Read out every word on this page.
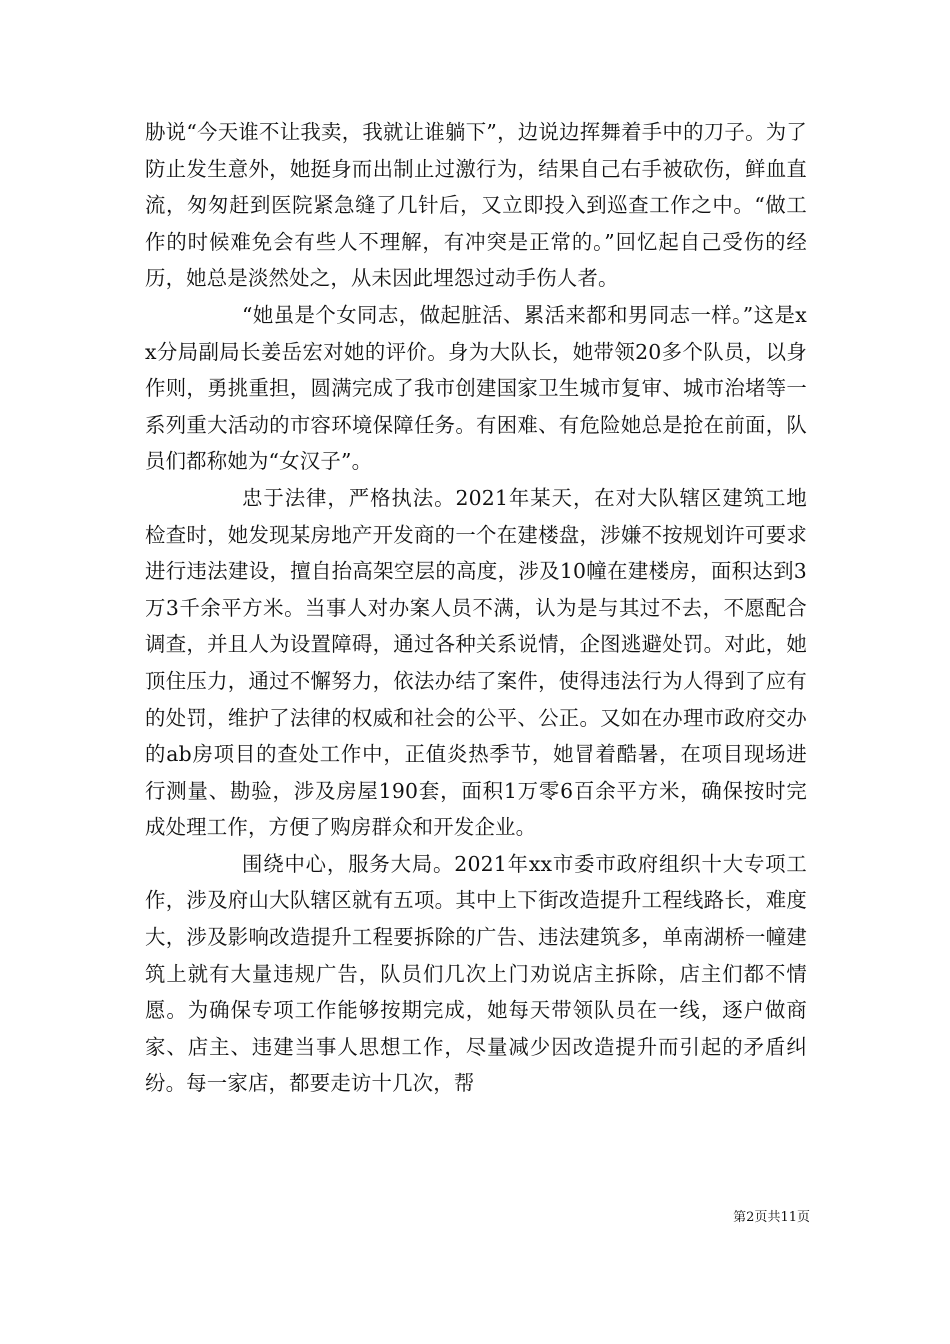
胁说“今天谁不让我卖，我就让谁躺下”，边说边挥舞着手中的刀子。为了防止发生意外，她挺身而出制止过激行为，结果自己右手被砍伤，鲜血直流，匆匆赶到医院紧急缝了几针后，又立即投入到巡查工作之中。“做工作的时候难免会有些人不理解，有冲突是正常的。”回忆起自己受伤的经历，她总是淡然处之，从未因此埋怨过动手伤人者。

“她虽是个女同志，做起脏活、累活来都和男同志一样。”这是xx分局副局长姜岳宏对她的评价。身为大队长，她带领20多个队员，以身作则，勇挑重担，圆满完成了我市创建国家卫生城市复审、城市治堵等一系列重大活动的市容环境保障任务。有困难、有危险她总是抢在前面，队员们都称她为“女汉子”。

忠于法律，严格执法。2021年某天，在对大队辖区建筑工地检查时，她发现某房地产开发商的一个在建楼盘，涉嫌不按规划许可要求进行违法建设，擅自抬高架空层的高度，涉及10幢在建楼房，面积达到3万3千余平方米。当事人对办案人员不满，认为是与其过不去，不愿配合调查，并且人为设置障碍，通过各种关系说情，企图逃避处罚。对此，她顶住压力，通过不懈努力，依法办结了案件，使得违法行为人得到了应有的处罚，维护了法律的权威和社会的公平、公正。又如在办理市政府交办的ab房项目的查处工作中，正值炎热季节，她冒着酷暑，在项目现场进行测量、勘验，涉及房屋190套，面积1万零6百余平方米，确保按时完成处理工作，方便了购房群众和开发企业。

围绕中心，服务大局。2021年xx市委市政府组织十大专项工作，涉及府山大队辖区就有五项。其中上下街改造提升工程线路长，难度大，涉及影响改造提升工程要拆除的广告、违法建筑多，单南湖桥一幢建筑上就有大量违规广告，队员们几次上门劝说店主拆除，店主们都不情愿。为确保专项工作能够按期完成，她每天带领队员在一线，逐户做商家、店主、违建当事人思想工作，尽量减少因改造提升而引起的矛盾纠纷。每一家店，都要走访十几次，帮

第2页共11页
